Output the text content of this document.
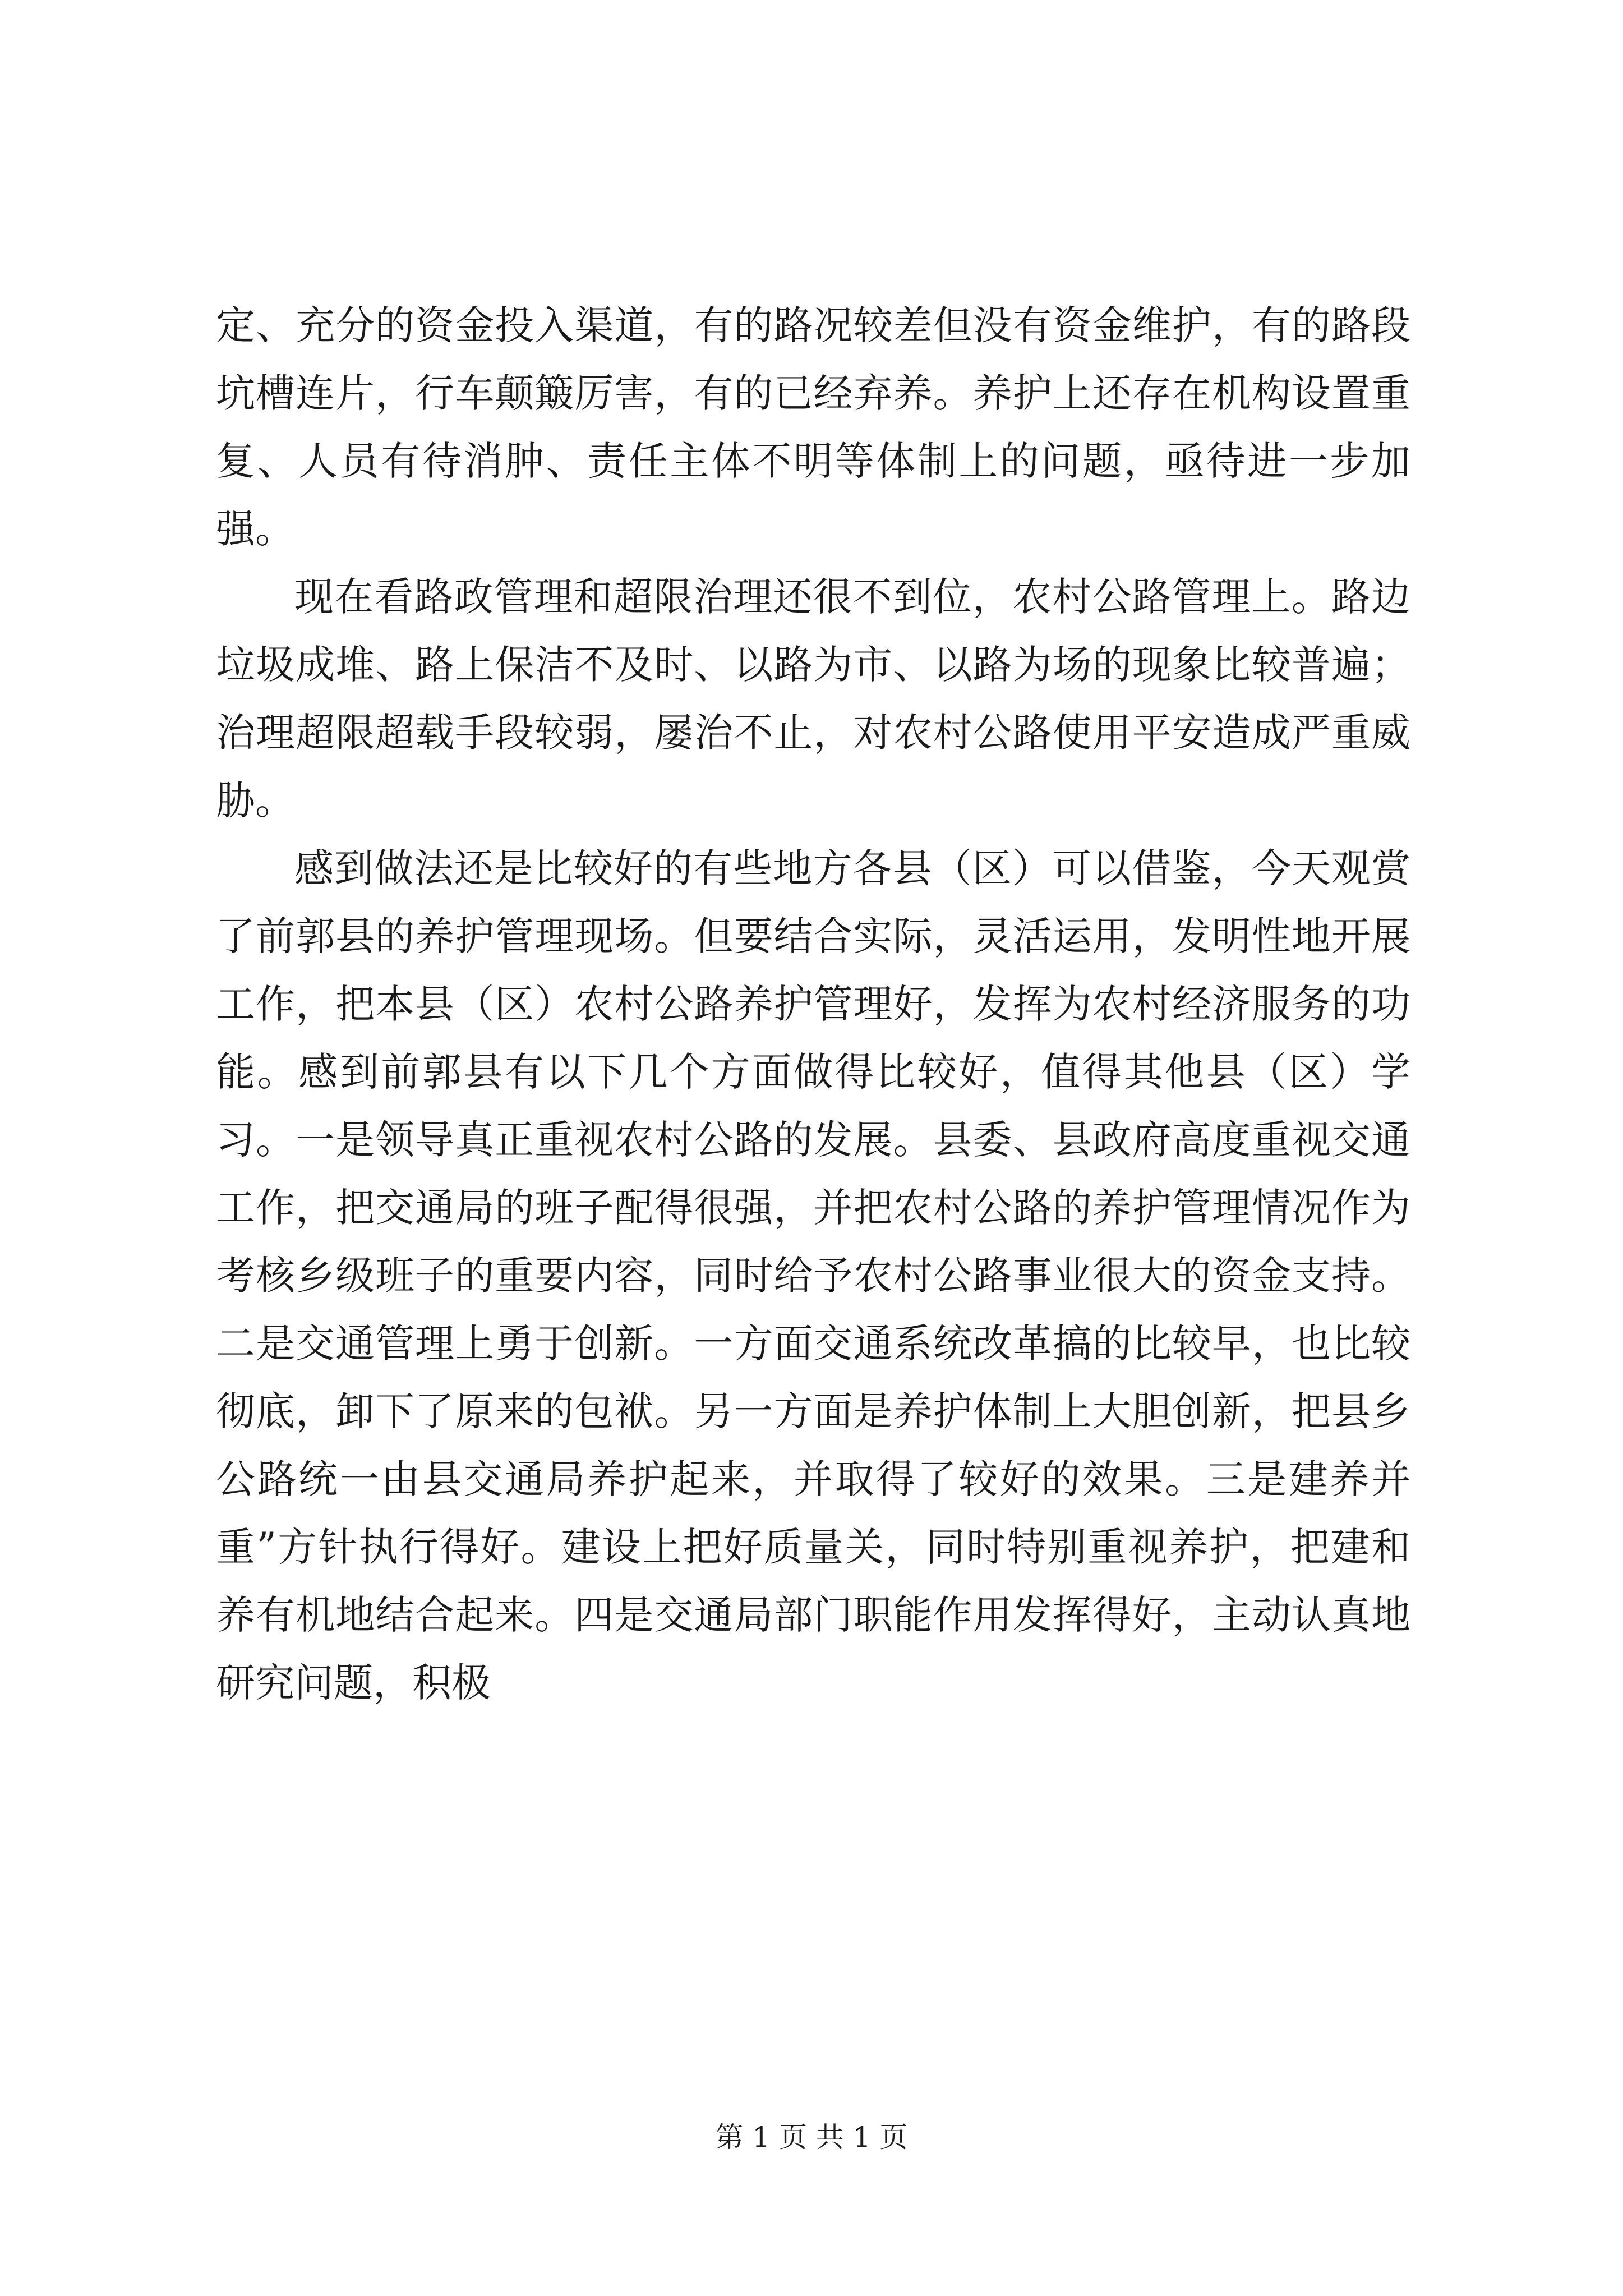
定、充分的资金投入渠道，有的路况较差但没有资金维护，有的路段坑槽连片，行车颠簸厉害，有的已经弃养。养护上还存在机构设置重复、人员有待消肿、责任主体不明等体制上的问题，亟待进一步加强。

现在看路政管理和超限治理还很不到位，农村公路管理上。路边垃圾成堆、路上保洁不及时、以路为市、以路为场的现象比较普遍；治理超限超载手段较弱，屡治不止，对农村公路使用平安造成严重威胁。

感到做法还是比较好的有些地方各县（区）可以借鉴，今天观赏了前郭县的养护管理现场。但要结合实际，灵活运用，发明性地开展工作，把本县（区）农村公路养护管理好，发挥为农村经济服务的功能。感到前郭县有以下几个方面做得比较好，值得其他县（区）学习。一是领导真正重视农村公路的发展。县委、县政府高度重视交通工作，把交通局的班子配得很强，并把农村公路的养护管理情况作为考核乡级班子的重要内容，同时给予农村公路事业很大的资金支持。二是交通管理上勇于创新。一方面交通系统改革搞的比较早，也比较彻底，卸下了原来的包袱。另一方面是养护体制上大胆创新，把县乡公路统一由县交通局养护起来，并取得了较好的效果。三是建养并重”方针执行得好。建设上把好质量关，同时特别重视养护，把建和养有机地结合起来。四是交通局部门职能作用发挥得好，主动认真地研究问题，积极

第 1 页 共 1 页
